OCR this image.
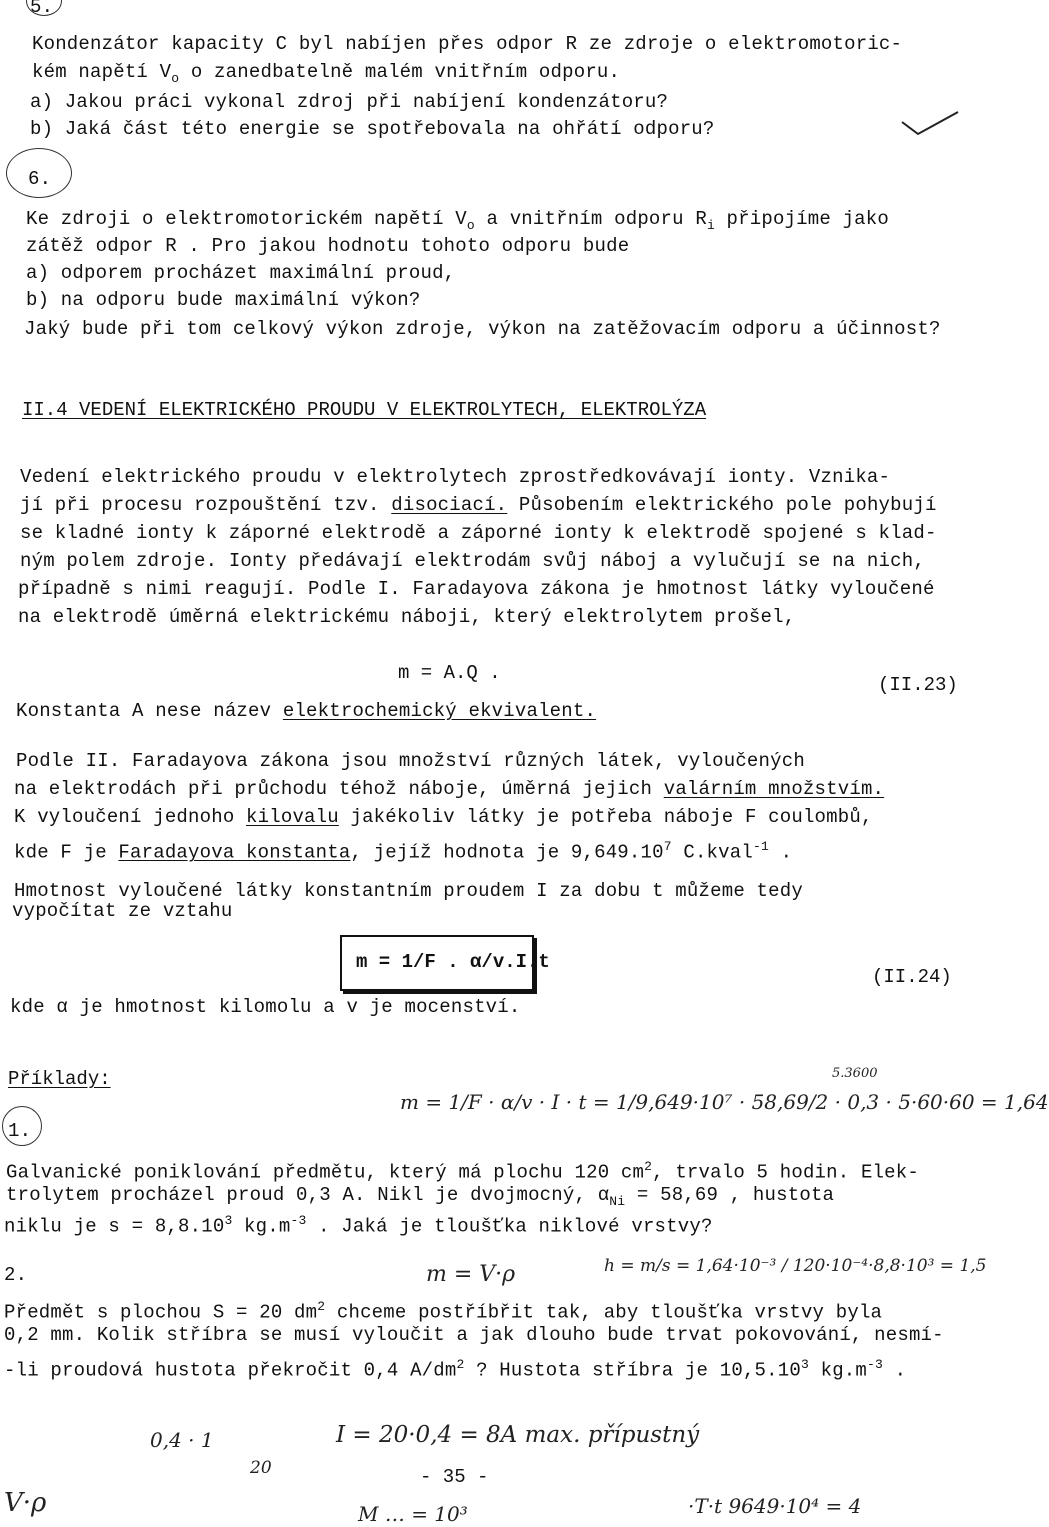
5.
Kondenzátor kapacity C byl nabíjen přes odpor R ze zdroje o elektromotoric-
kém napětí $V_o$ o zanedbatelně malém vnitřním odporu.
a) Jakou práci vykonal zdroj při nabíjení kondenzátoru?
b) Jaká část této energie se spotřebovala na ohřátí odporu?
6.
Ke zdroji o elektromotorickém napětí $V_o$ a vnitřním odporu $R_i$ připojíme jako
zátěž odpor R . Pro jakou hodnotu tohoto odporu bude
a) odporem procházet maximální proud,
b) na odporu bude maximální výkon?
Jaký bude při tom celkový výkon zdroje, výkon na zatěžovacím odporu a účinnost?
II.4 VEDENÍ ELEKTRICKÉHO PROUDU V ELEKTROLYTECH, ELEKTROLÝZA
Vedení elektrického proudu v elektrolytech zprostředkovávají ionty. Vznika-
jí při procesu rozpouštění tzv. disociací. Působením elektrického pole pohybují
se kladné ionty k záporné elektrodě a záporné ionty k elektrodě spojené s klad-
ným polem zdroje. Ionty předávají elektrodám svůj náboj a vylučují se na nich,
případně s nimi reagují. Podle I. Faradayova zákona je hmotnost látky vyloučené
na elektrodě úměrná elektrickému náboji, který elektrolytem prošel,
m = A.Q .
(II.23)
Konstanta A nese název elektrochemický ekvivalent.
Podle II. Faradayova zákona jsou množství různých látek, vyloučených
na elektrodách při průchodu téhož náboje, úměrná jejich valárním množstvím.
K vyloučení jednoho kilovalu jakékoliv látky je potřeba náboje F coulombů,
kde F je Faradayova konstanta, jejíž hodnota je 9,649.10$^7$ C.kval$^{-1}$ .
Hmotnost vyloučené látky konstantním proudem I za dobu t můžeme tedy
vypočítat ze vztahu
m = 1/F . α/v.I.t
(II.24)
kde α je hmotnost kilomolu a v je mocenství.
Příklady:
1.
Galvanické poniklování předmětu, který má plochu 120 $cm^2$, trvalo 5 hodin. Elek-
trolytem procházel proud 0,3 A. Nikl je dvojmocný, $\alpha_{Ni} = 58,69$ , hustota
niklu je $s = 8,8.10^3$ $kg.m^{-3}$ . Jaká je tloušťka niklové vrstvy?
2.
Předmět s plochou S = 20 $dm^2$ chceme postříbřit tak, aby tloušťka vrstvy byla
0,2 mm. Kolik stříbra se musí vyloučit a jak dlouho bude trvat pokovování, nesmí-
-li proudová hustota překročit 0,4 $A/dm^2$ ? Hustota stříbra je 10,5.10$^3$ $kg.m^{-3}$ .
5.3600
m = 1/F · α/v · I · t = 1/9,649·10⁷ · 58,69/2 · 0,3 · 5·60·60 = 1,64
m = V·ρ	h = m/s = 1,64·10⁻³ / 120·10⁻⁴·8,8·10³ = 1,5
0,4 · 1
20
I = 20·0,4 = 8A max. přípustný
V·ρ	M … = 10³	·T·t 9649·10⁴ = 4
- 35 -
